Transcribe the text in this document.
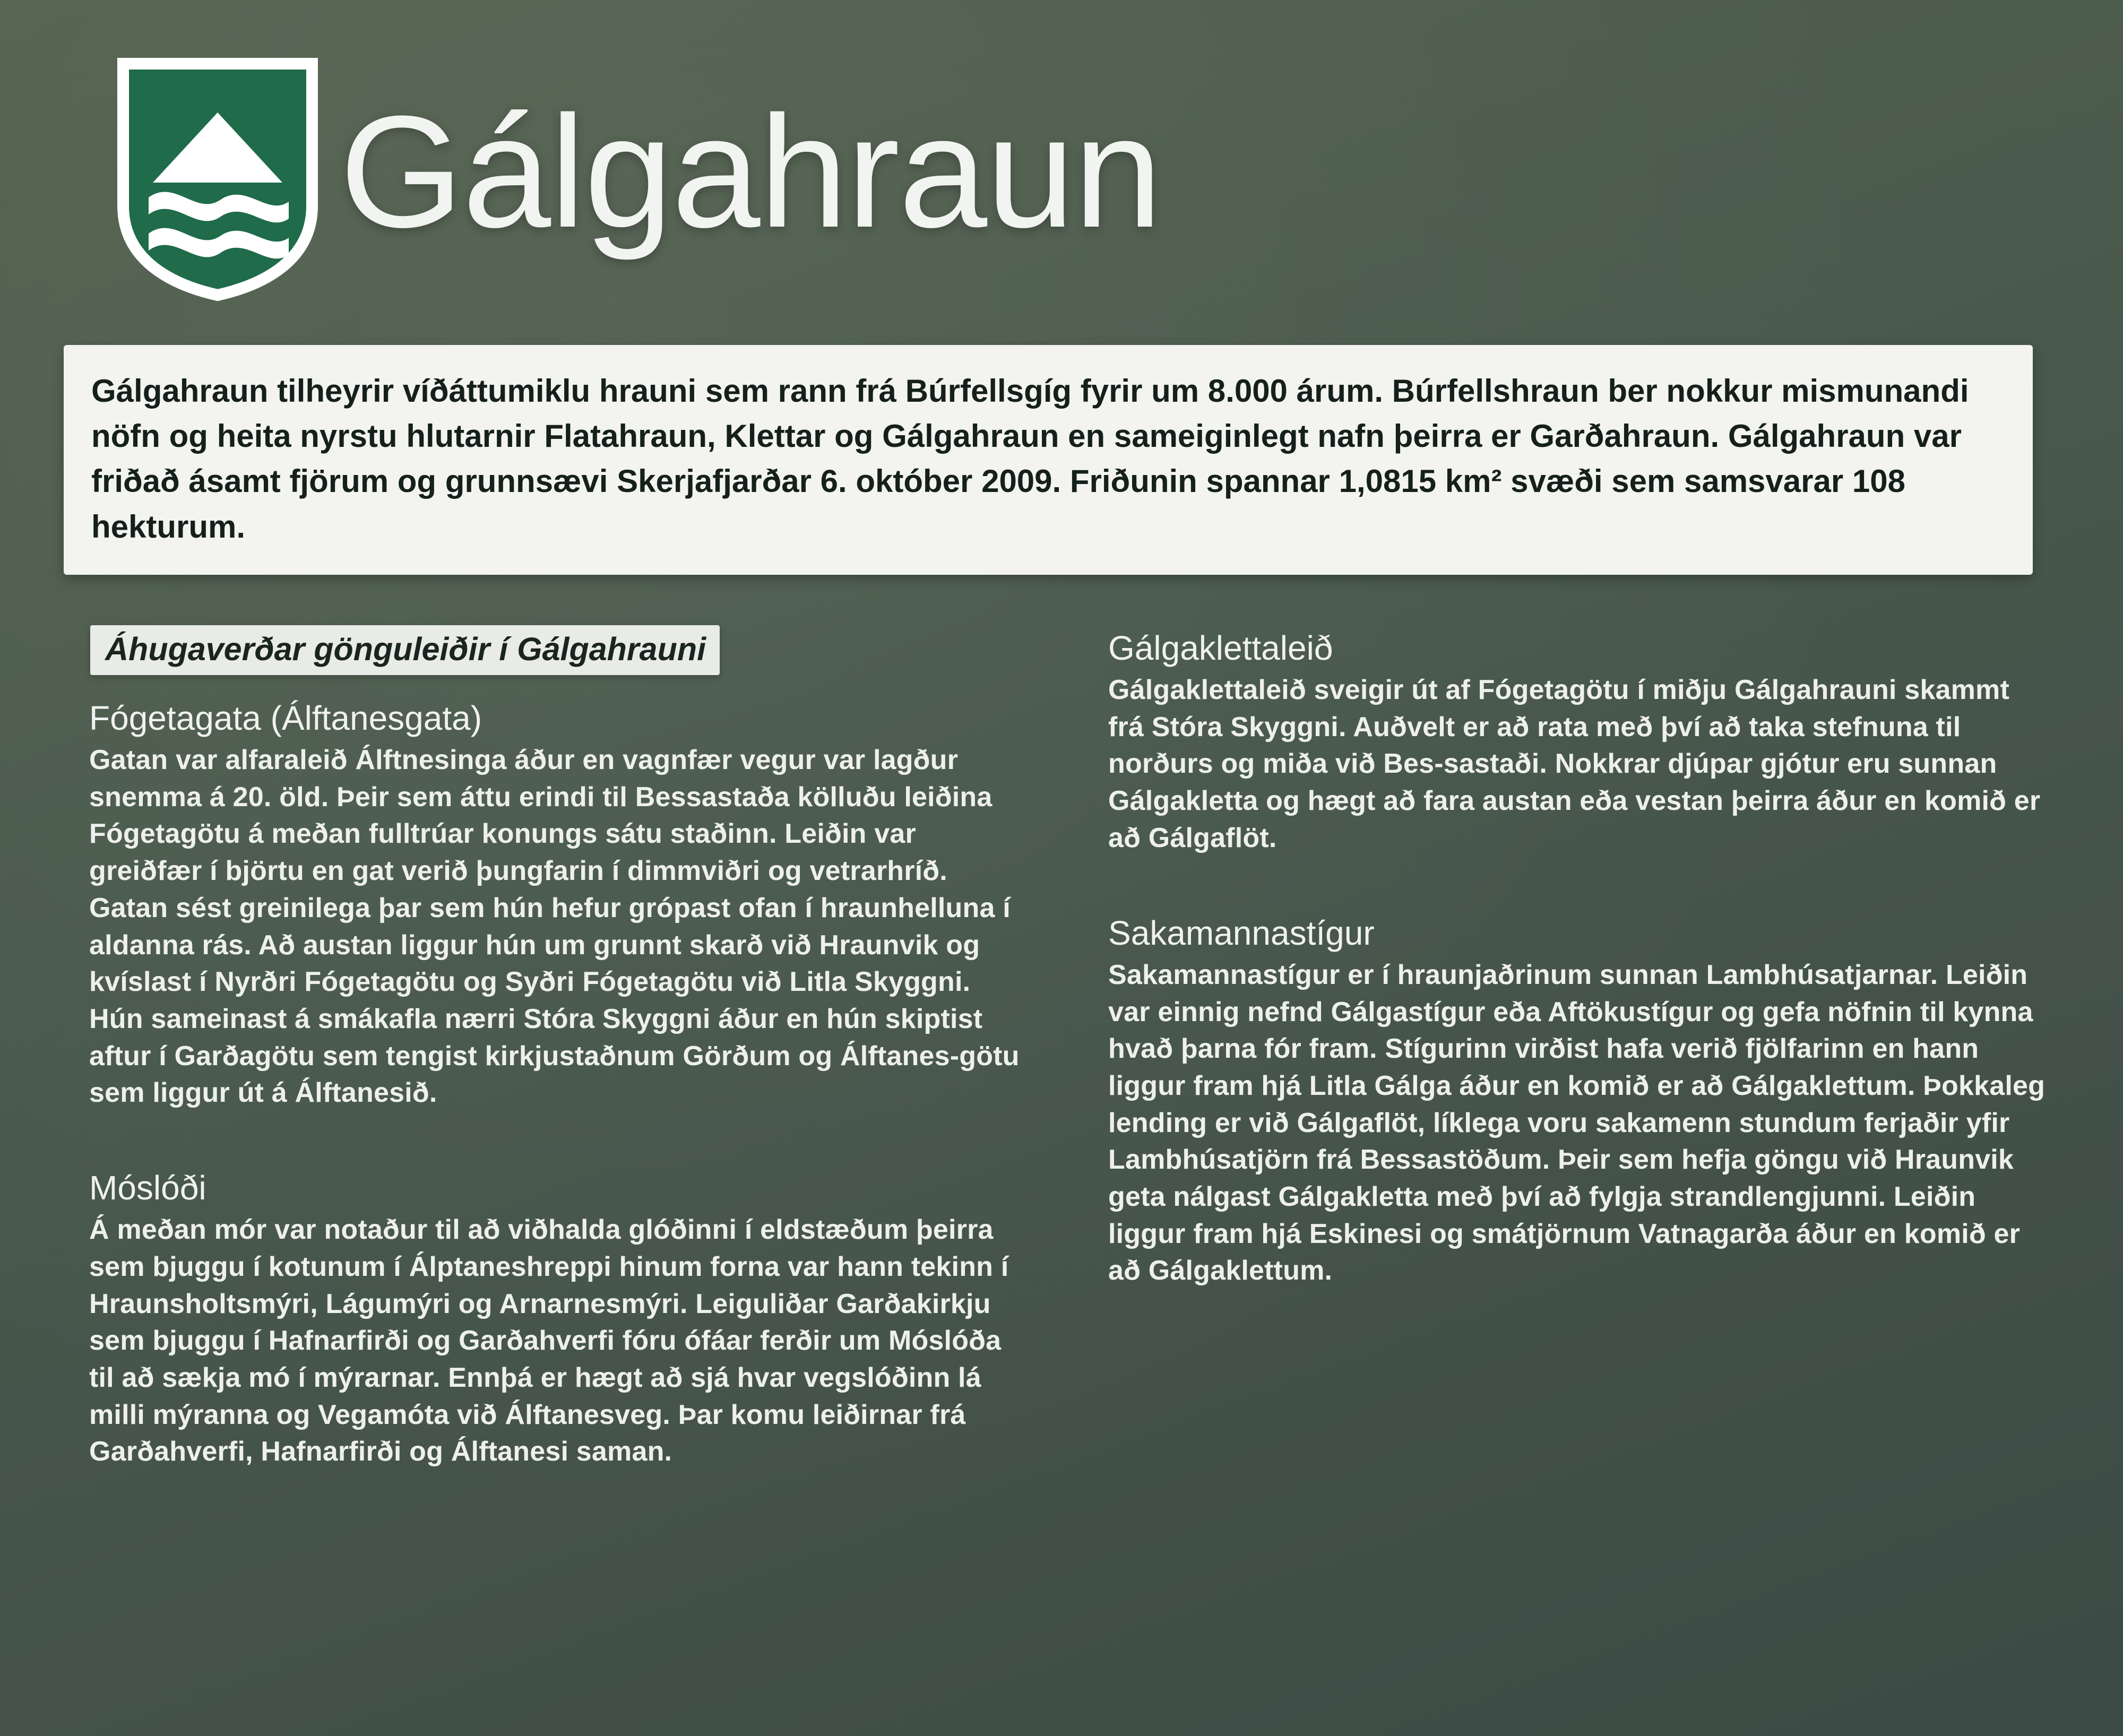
Gálgahraun

Gálgahraun tilheyrir víðáttumiklu hrauni sem rann frá Búrfellsgíg fyrir um 8.000 árum. Búrfellshraun ber nokkur mismunandi nöfn og heita nyrstu hlutarnir Flatahraun, Klettar og Gálgahraun en sameiginlegt nafn þeirra er Garðahraun. Gálgahraun var friðað ásamt fjörum og grunnsævi Skerjafjarðar 6. október 2009. Friðunin spannar 1,0815 km² svæði sem samsvarar 108 hekturum.

Áhugaverðar gönguleiðir í Gálgahrauni
Fógetagata (Álftanesgata)

Gatan var alfaraleið Álftnesinga áður en vagnfær vegur var lagður snemma á 20. öld. Þeir sem áttu erindi til Bessastaða kölluðu leiðina Fógetagötu á meðan fulltrúar konungs sátu staðinn. Leiðin var greiðfær í björtu en gat verið þungfarin í dimmviðri og vetrarhríð. Gatan sést greinilega þar sem hún hefur grópast ofan í hraunhelluna í aldanna rás. Að austan liggur hún um grunnt skarð við Hraunvik og kvíslast í Nyrðri Fógetagötu og Syðri Fógetagötu við Litla Skyggni. Hún sameinast á smákafla nærri Stóra Skyggni áður en hún skiptist aftur í Garðagötu sem tengist kirkjustaðnum Görðum og Álftanes-götu sem liggur út á Álftanesið.

Móslóði

Á meðan mór var notaður til að viðhalda glóðinni í eldstæðum þeirra sem bjuggu í kotunum í Álptaneshreppi hinum forna var hann tekinn í Hraunsholtsmýri, Lágumýri og Arnarnesmýri. Leiguliðar Garðakirkju sem bjuggu í Hafnarfirði og Garðahverfi fóru ófáar ferðir um Móslóða til að sækja mó í mýrarnar. Ennþá er hægt að sjá hvar vegslóðinn lá milli mýranna og Vegamóta við Álftanesveg. Þar komu leiðirnar frá Garðahverfi, Hafnarfirði og Álftanesi saman.

Gálgaklettaleið

Gálgaklettaleið sveigir út af Fógetagötu í miðju Gálgahrauni skammt frá Stóra Skyggni. Auðvelt er að rata með því að taka stefnuna til norðurs og miða við Bes-sastaði. Nokkrar djúpar gjótur eru sunnan Gálgakletta og hægt að fara austan eða vestan þeirra áður en komið er að Gálgaflöt.

Sakamannastígur

Sakamannastígur er í hraunjaðrinum sunnan Lambhúsatjarnar. Leiðin var einnig nefnd Gálgastígur eða Aftökustígur og gefa nöfnin til kynna hvað þarna fór fram. Stígurinn virðist hafa verið fjölfarinn en hann liggur fram hjá Litla Gálga áður en komið er að Gálgaklettum. Þokkaleg lending er við Gálgaflöt, líklega voru sakamenn stundum ferjaðir yfir Lambhúsatjörn frá Bessastöðum. Þeir sem hefja göngu við Hraunvik geta nálgast Gálgakletta með því að fylgja strandlengjunni. Leiðin liggur fram hjá Eskinesi og smátjörnum Vatnagarða áður en komið er að Gálgaklettum.
